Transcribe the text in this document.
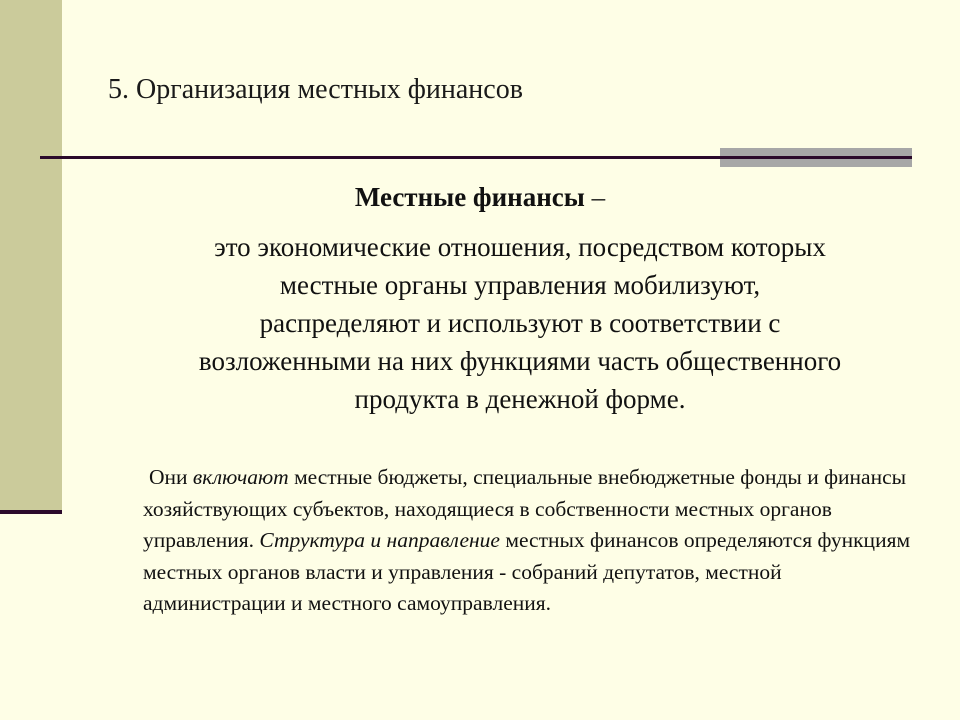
5. Организация местных финансов
Местные финансы –
это экономические отношения, посредством которых
местные органы управления мобилизуют,
распределяют и используют в соответствии с
возложенными на них функциями часть общественного
продукта в денежной форме.
Они включают местные бюджеты, специальные внебюджетные фонды и финансы хозяйствующих субъектов, находящиеся в собственности местных органов управления. Структура и направление местных финансов определяются функциям местных органов власти и управления - собраний депутатов, местной администрации и местного самоуправления.
